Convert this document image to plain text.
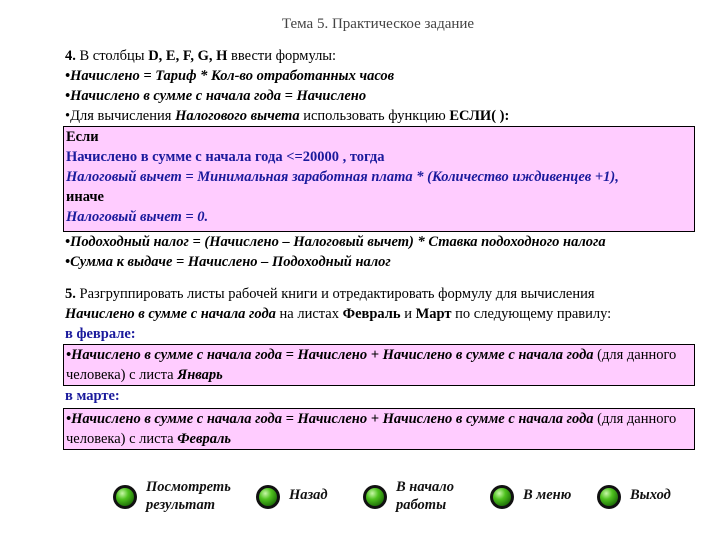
Тема 5. Практическое задание
4. В столбцы D, E, F, G, H ввести формулы:
•Начислено = Тариф * Кол-во отработанных часов
•Начислено в сумме с начала года = Начислено
•Для вычисления Налогового вычета использовать функцию ЕСЛИ( ):
Если
Начислено в сумме с начала года <=20000 , тогда
Налоговый вычет = Минимальная заработная плата * (Количество иждивенцев +1),
иначе
Налоговый вычет = 0.
•Подоходный налог = (Начислено – Налоговый вычет) * Ставка подоходного налога
•Сумма к выдаче = Начислено – Подоходный налог
5. Разгруппировать листы рабочей книги и отредактировать формулу для вычисления
Начислено в сумме с начала года на листах Февраль и Март по следующему правилу:
в феврале:
•Начислено в сумме с начала года = Начислено + Начислено в сумме с начала года (для данного человека) с листа Январь
в марте:
•Начислено в сумме с начала года = Начислено + Начислено в сумме с начала года (для данного человека) с листа Февраль
Посмотреть результат
Назад	В начало работы
В меню	Выход
